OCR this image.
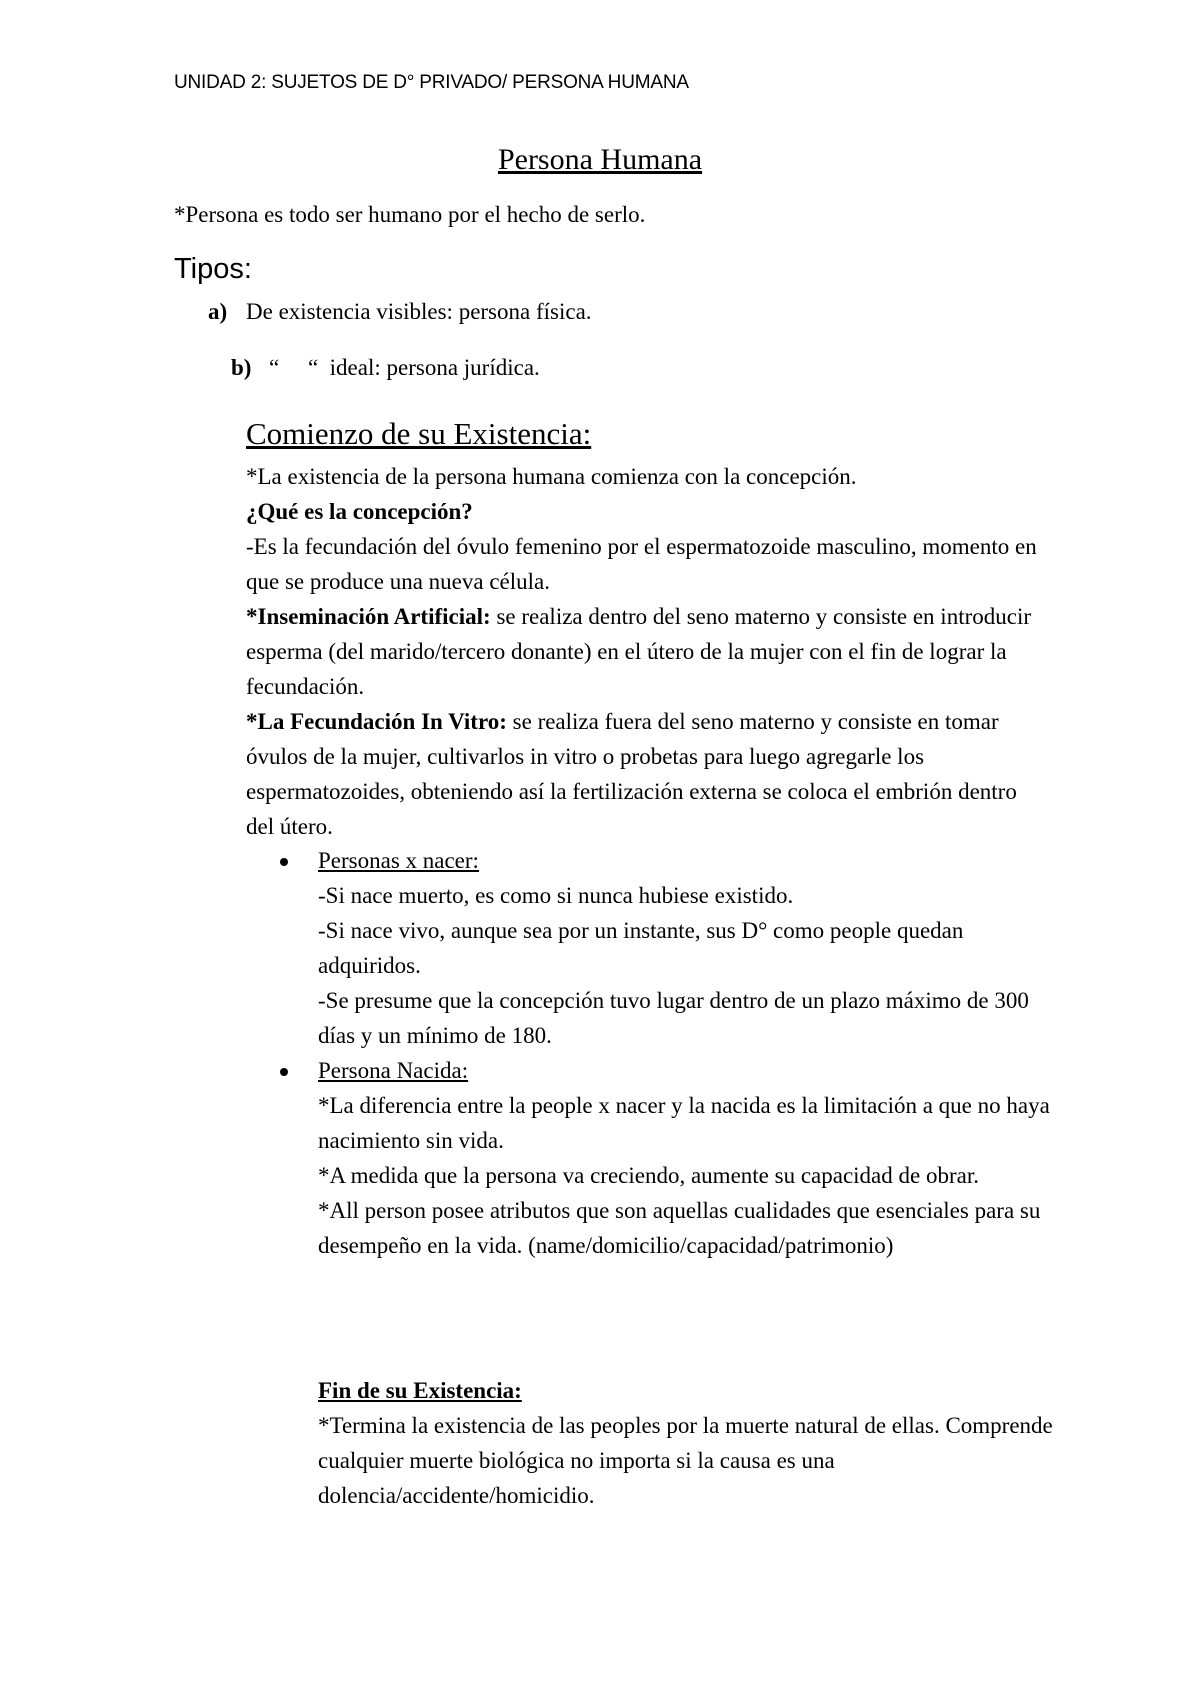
UNIDAD 2: SUJETOS DE D° PRIVADO/ PERSONA HUMANA
Persona Humana
*Persona es todo ser humano por el hecho de serlo.
Tipos:
a) De existencia visibles: persona física.

b) “     “  ideal: persona jurídica.

Comienzo de su Existencia:

*La existencia de la persona humana comienza con la concepción.

¿Qué es la concepción?

-Es la fecundación del óvulo femenino por el espermatozoide masculino, momento en que se produce una nueva célula.

*Inseminación Artificial: se realiza dentro del seno materno y consiste en introducir esperma (del marido/tercero donante) en el útero de la mujer con el fin de lograr la fecundación.

*La Fecundación In Vitro: se realiza fuera del seno materno y consiste en tomar óvulos de la mujer, cultivarlos in vitro o probetas para luego agregarle los espermatozoides, obteniendo así la fertilización externa se coloca el embrión dentro del útero.

Personas x nacer:

-Si nace muerto, es como si nunca hubiese existido.

-Si nace vivo, aunque sea por un instante, sus D° como people quedan adquiridos.

-Se presume que la concepción tuvo lugar dentro de un plazo máximo de 300 días y un mínimo de 180.

Persona Nacida:

*La diferencia entre la people x nacer y la nacida es la limitación a que no haya nacimiento sin vida.

*A medida que la persona va creciendo, aumente su capacidad de obrar.

*All person posee atributos que son aquellas cualidades que esenciales para su desempeño en la vida. (name/domicilio/capacidad/patrimonio)

Fin de su Existencia:

*Termina la existencia de las peoples por la muerte natural de ellas. Comprende cualquier muerte biológica no importa si la causa es una dolencia/accidente/homicidio.
